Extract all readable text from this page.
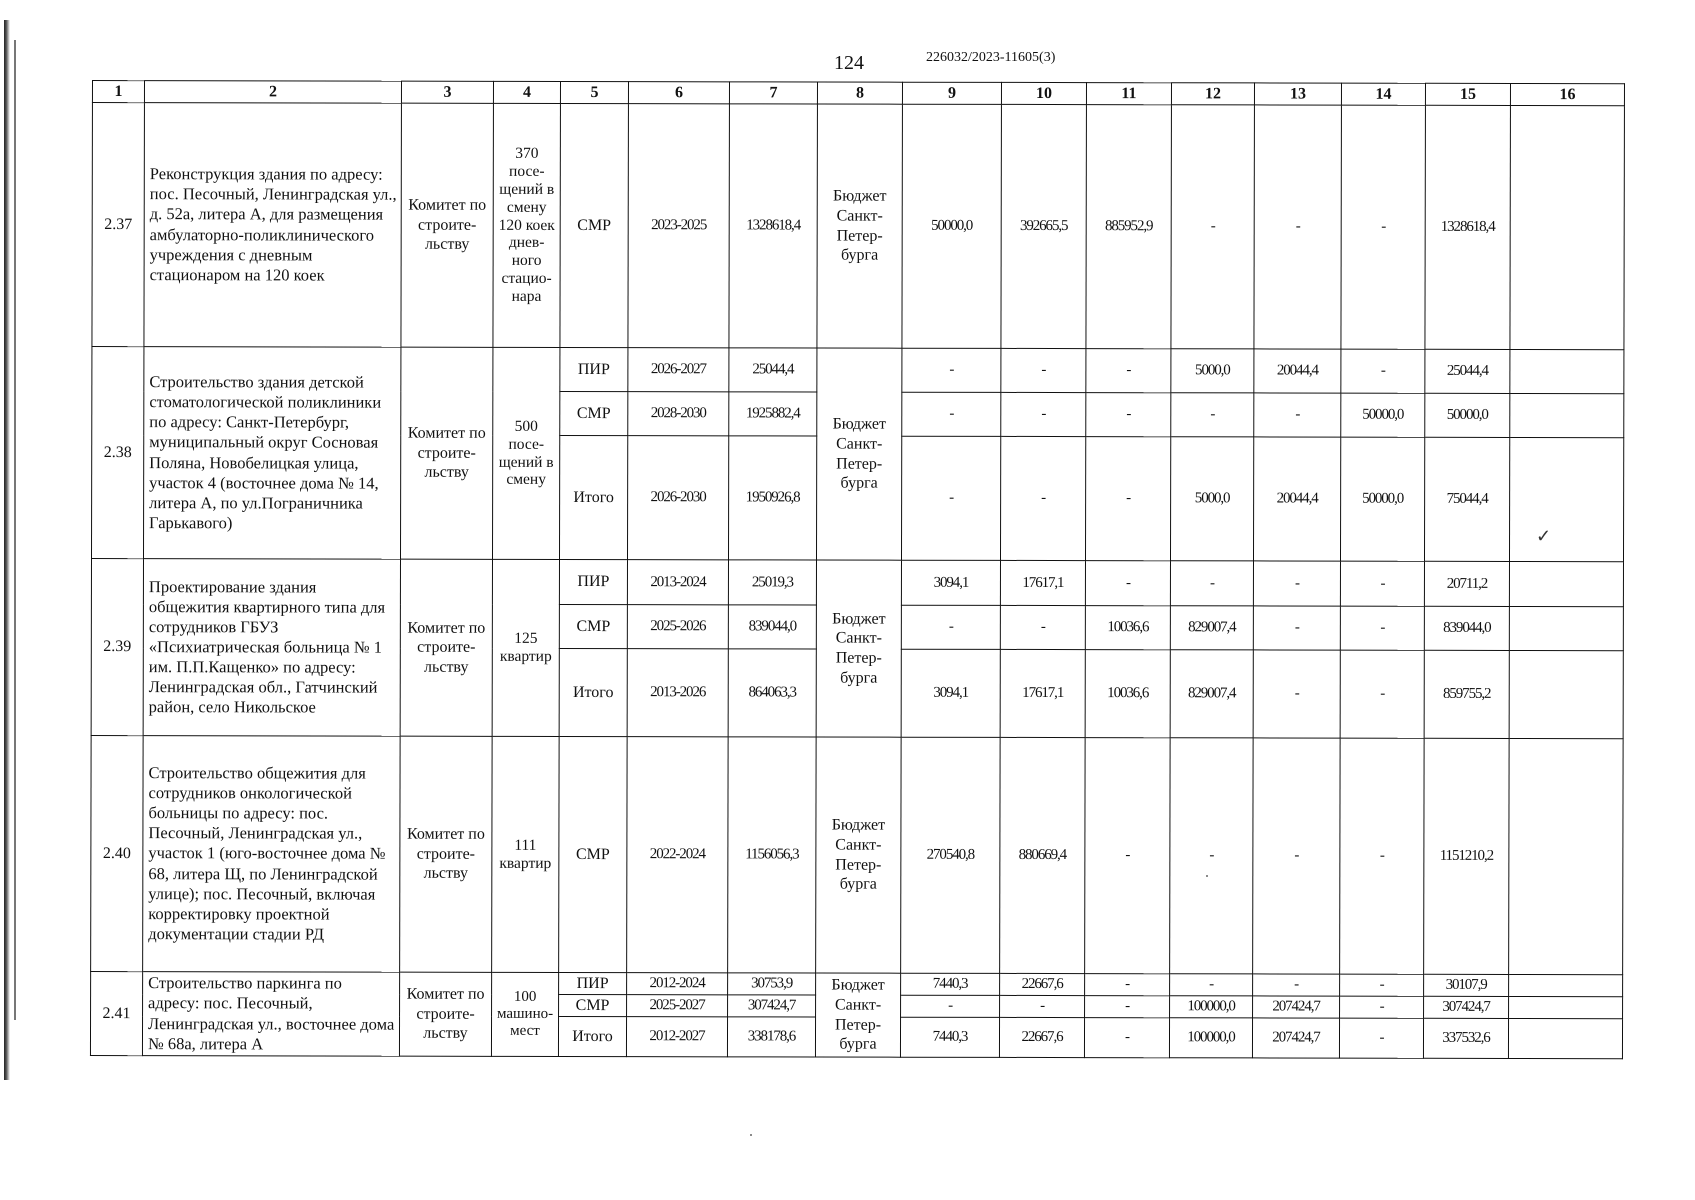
124	226032/2023-11605(3)
1	2	3	4	5	6	7	8	9	10	11	12	13	14	15	16
2.37	Реконструкция здания по адресу: пос. Песочный, Ленинградская ул., д. 52а, литера А, для размещения амбулаторно-поликлинического учреждения с дневным стационаром на 120 коек	Комитет по строите-льству	370 посе-щений в смену 120 коек днев-ного стацио-нара	СМР	2023-2025	1328618,4	Бюджет Санкт-Петер-бурга	50000,0	392665,5	885952,9	-	-	-	1328618,4	
2.38	Строительство здания детской стоматологической поликлиники по адресу: Санкт-Петербург, муниципальный округ Сосновая Поляна, Новобелицкая улица, участок 4 (восточнее дома № 14, литера А, по ул.Пограничника Гарькавого)	Комитет по строите-льству	500 посе-щений в смену	ПИР	2026-2027	25044,4	Бюджет Санкт-Петер-бурга	-	-	-	5000,0	20044,4	-	25044,4	
				СМР	2028-2030	1925882,4		-	-	-	-	-	50000,0	50000,0	
				Итого	2026-2030	1950926,8		-	-	-	5000,0	20044,4	50000,0	75044,4	
2.39	Проектирование здания общежития квартирного типа для сотрудников ГБУЗ «Психиатрическая больница № 1 им. П.П.Кащенко» по адресу: Ленинградская обл., Гатчинский район, село Никольское	Комитет по строите-льству	125 квартир	ПИР	2013-2024	25019,3	Бюджет Санкт-Петер-бурга	3094,1	17617,1	-	-	-	-	20711,2	
				СМР	2025-2026	839044,0		-	-	10036,6	829007,4	-	-	839044,0	
				Итого	2013-2026	864063,3		3094,1	17617,1	10036,6	829007,4	-	-	859755,2	
2.40	Строительство общежития для сотрудников онкологической больницы по адресу: пос. Песочный, Ленинградская ул., участок 1 (юго-восточнее дома № 68, литера Щ, по Ленинградской улице); пос. Песочный, включая корректировку проектной документации стадии РД	Комитет по строите-льству	111 квартир	СМР	2022-2024	1156056,3	Бюджет Санкт-Петер-бурга	270540,8	880669,4	-	-	-	-	1151210,2	
2.41	Строительство паркинга по адресу: пос. Песочный, Ленинградская ул., восточнее дома № 68а, литера А	Комитет по строите-льству	100 машино-мест	ПИР	2012-2024	30753,9	Бюджет Санкт-Петер-бурга	7440,3	22667,6	-	-	-	-	30107,9	
				СМР	2025-2027	307424,7		-	-	-	100000,0	207424,7	-	307424,7	
				Итого	2012-2027	338178,6		7440,3	22667,6	-	100000,0	207424,7	-	337532,6	
✓
